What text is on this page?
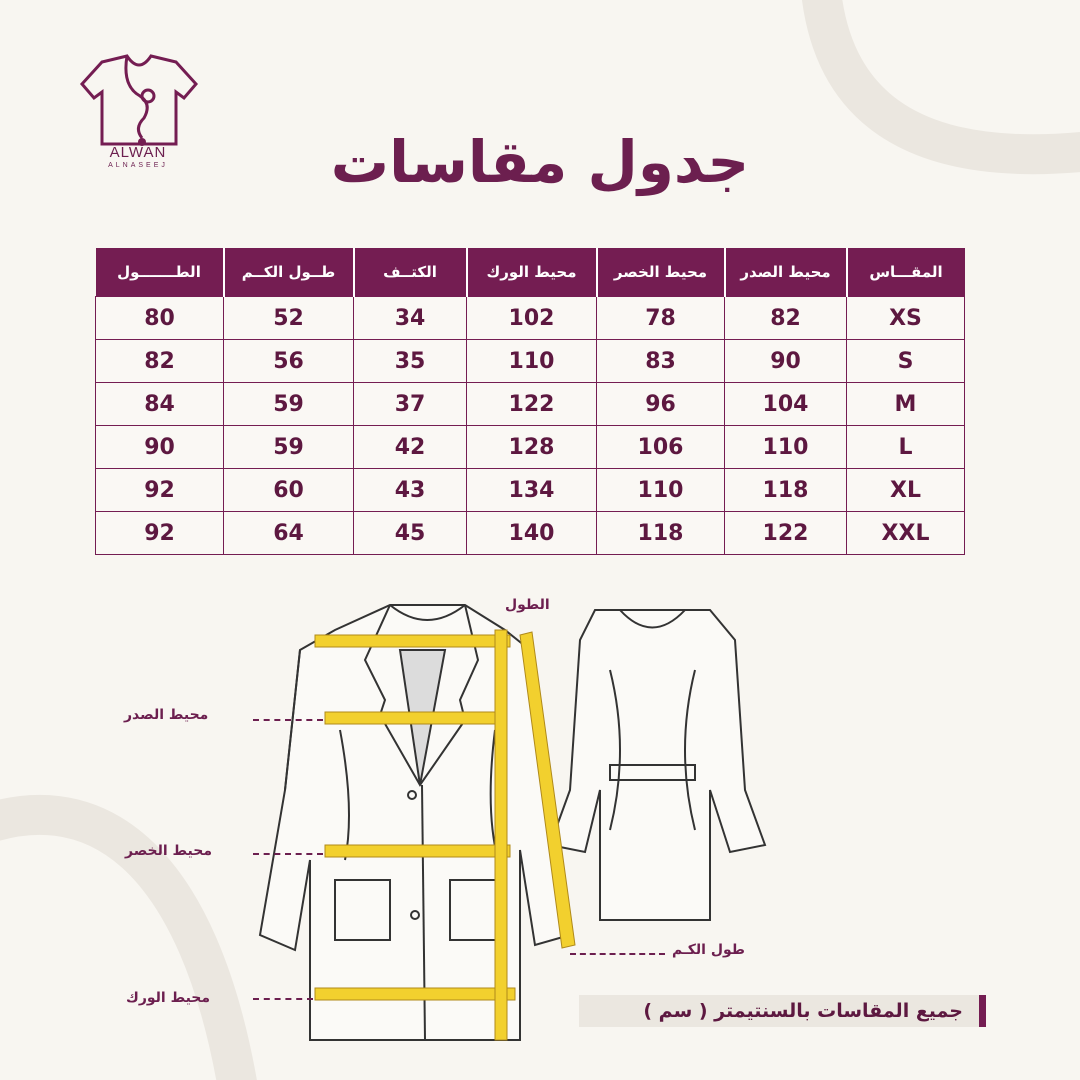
ALWAN
ALNASEEJ	جدول مقاسات
المقـــاس	محيط الصدر	محيط الخصر	محيط الورك	الكتــف	طــول الكــم	الطـــــــول
XS	82	78	102	34	52	80
S	90	83	110	35	56	82
M	104	96	122	37	59	84
L	110	106	128	42	59	90
XL	118	110	134	43	60	92
XXL	122	118	140	45	64	92
الطول
محيط الصدر
محيط الخصر
محيط الورك
طول الكـم
جميع المقاسات بالسنتيمتر ( سم )
